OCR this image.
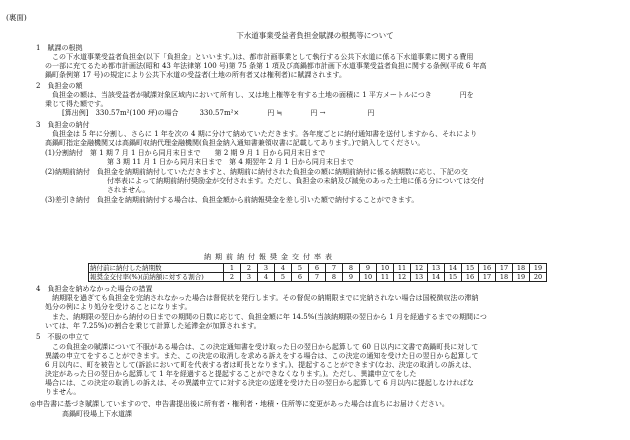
(裏面)
下水道事業受益者負担金賦課の根拠等について
1　賦課の根拠
この下水道事業受益者負担金(以下「負担金」といいます。)は、都市計画事業として執行する公共下水道に係る下水道事業に関する費用
の一部に充てるため都市計画法(昭和 43 年法律第 100 号)第 75 条第 1 項及び高鍋都市計画下水道事業受益者負担に関する条例(平成 6 年高
鍋町条例第 17 号)の規定により公共下水道の受益者(土地の所有者又は権利者)に賦課されます。
2　負担金の額
負担金の額は、当該受益者が賦課対象区域内において所有し、又は地上権等を有する土地の面積に 1 平方メートルにつき　　　　円を
乗じて得た額です。
[算出例]　330.57m²(100 坪)の場合　　　330.57m²×　　　　円 ≒　　　　円 →　　　　　　円
3　負担金の納付
負担金は 5 年に分割し、さらに 1 年を次の 4 期に分けて納めていただきます。各年度ごとに納付通知書を送付しますから、それにより
高鍋町指定金融機関又は高鍋町収納代理金融機関(負担金納入通知書兼領収書に記載してあります。)で納入してください。
(1)分割納付　第 1 期 7 月 1 日から同月末日まで　　第 2 期 9 月 1 日から同月末日まで
第 3 期 11 月 1 日から同月末日まで　第 4 期翌年 2 月 1 日から同月末日まで
(2)納期前納付　負担金を納期前納付していただきますと、納期前に納付された負担金の額に納期前納付に係る納期数に応じ、下記の交
付率表によって納期前納付奨励金が交付されます。ただし、負担金の未納及び減免のあった土地に係る分については交付
されません。
(3)差引き納付　負担金を納期前納付する場合は、負担金額から前納報奨金を差し引いた額で納付することができます。
納期前納付報奨金交付率表
納付前に納付した納期数	1	2	3	4	5	6	7	8	9	10	11	12	13	14	15	16	17	18	19
報奨金交付率(%)(前納額に対する割合)	2	3	4	5	6	7	8	9	10	11	12	13	14	15	16	17	18	19	20
4　負担金を納めなかった場合の措置
納期限を過ぎても負担金を完納されなかった場合は督促状を発行します。その督促の納期限までに完納されない場合は国税徴収法の滞納
処分の例により処分を受けることになります。
また、納期限の翌日から納付の日までの期間の日数に応じて、負担金額に年 14.5%(当該納期限の翌日から 1 月を経過するまでの期間につ
いては、年 7.25%)の割合を乗じて計算した延滞金が加算されます。
5　不服の申立て
この負担金の賦課について不服がある場合は、この決定通知書を受け取った日の翌日から起算して 60 日以内に文書で高鍋町長に対して
異議の申立てをすることができます。また、この決定の取消しを求める訴えをする場合は、この決定の通知を受けた日の翌日から起算して
6 月以内に、町を被告として(訴訟において町を代表する者は町長となります。)、提起することができます(なお、決定の取消しの訴えは、
決定があった日の翌日から起算して 1 年を経過すると提起することができなくなります。)。ただし、異議申立てをした
場合には、この決定の取消しの訴えは、その異議申立てに対する決定の送達を受けた日の翌日から起算して 6 月以内に提起しなければな
りません。
◎申告書に基づき賦課していますので、申告書提出後に所有者・権利者・地積・住所等に変更があった場合は直ちにお届けください。
高鍋町役場上下水道課
